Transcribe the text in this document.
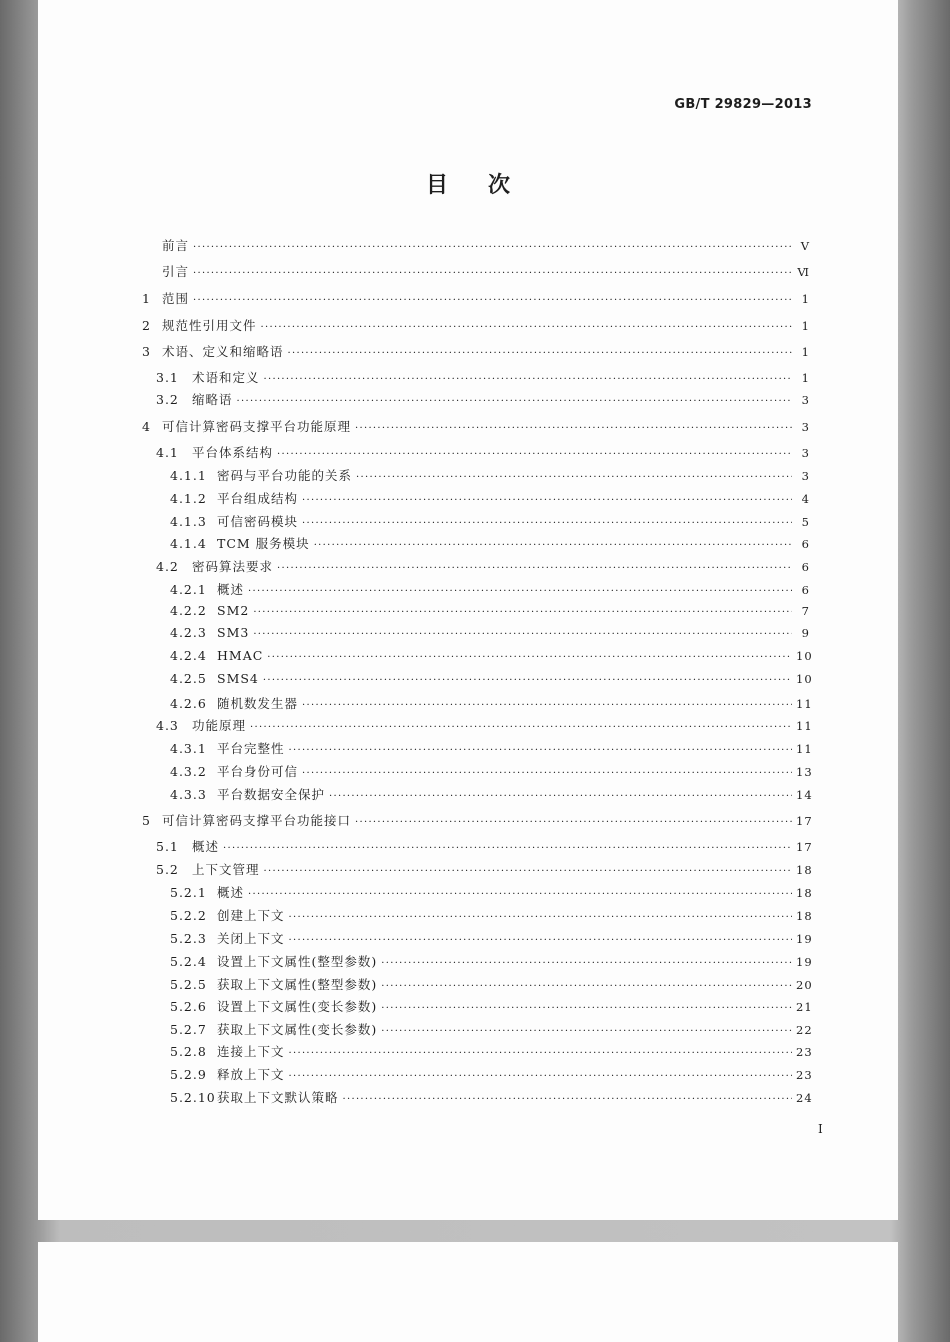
GB/T 29829—2013
目次
前言 ·····	Ⅴ
引言 ·····	Ⅵ
1 范围 ·····	1
2 规范性引用文件 ·····	1
3 术语、定义和缩略语 ·····	1
3.1	术语和定义 ·····	1
3.2	缩略语 ·····	3
4 可信计算密码支撑平台功能原理 ·····	3
4.1	平台体系结构 ·····	3
4.1.1 密码与平台功能的关系 ·····	3
4.1.2 平台组成结构 ·····	4
4.1.3 可信密码模块 ·····	5
4.1.4 TCM 服务模块 ·····	6
4.2	密码算法要求 ·····	6
4.2.1 概述 ·····	6
4.2.2 SM2 ·····	7
4.2.3 SM3 ·····	9
4.2.4 HMAC ·····	10
4.2.5 SMS4 ·····	10
4.2.6 随机数发生器 ·····	11
4.3	功能原理 ·····	11
4.3.1 平台完整性 ·····	11
4.3.2 平台身份可信 ·····	13
4.3.3 平台数据安全保护 ·····	14
5 可信计算密码支撑平台功能接口 ·····	17
5.1	概述 ·····	17
5.2	上下文管理 ·····	18
5.2.1 概述 ·····	18
5.2.2 创建上下文 ·····	18
5.2.3 关闭上下文 ·····	19
5.2.4 设置上下文属性(整型参数) ·····	19
5.2.5 获取上下文属性(整型参数) ·····	20
5.2.6 设置上下文属性(变长参数) ·····	21
5.2.7 获取上下文属性(变长参数) ·····	22
5.2.8 连接上下文 ·····	23
5.2.9 释放上下文 ·····	23
5.2.10 获取上下文默认策略 ·····	24
Ⅰ
